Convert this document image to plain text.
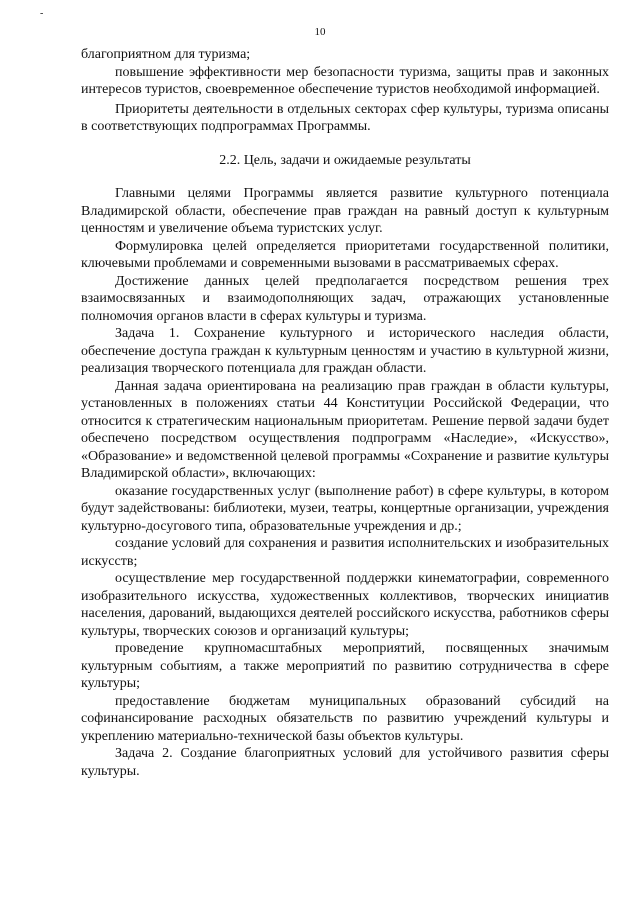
-
10

благоприятном для туризма;

повышение эффективности мер безопасности туризма, защиты прав и законных интересов туристов, своевременное обеспечение туристов необходимой информацией.

Приоритеты деятельности в отдельных секторах сфер культуры, туризма описаны в соответствующих подпрограммах Программы.

2.2. Цель, задачи и ожидаемые результаты

Главными целями Программы является развитие культурного потенциала Владимирской области, обеспечение прав граждан на равный доступ к культурным ценностям и увеличение объема туристских услуг.

Формулировка целей определяется приоритетами государственной политики, ключевыми проблемами и современными вызовами в рассматриваемых сферах.

Достижение данных целей предполагается посредством решения трех взаимосвязанных и взаимодополняющих задач, отражающих установленные полномочия органов власти в сферах культуры и туризма.

Задача 1. Сохранение культурного и исторического наследия области, обеспечение доступа граждан к культурным ценностям и участию в культурной жизни, реализация творческого потенциала для граждан области.

Данная задача ориентирована на реализацию прав граждан в области культуры, установленных в положениях статьи 44 Конституции Российской Федерации, что относится к стратегическим национальным приоритетам. Решение первой задачи будет обеспечено посредством осуществления подпрограмм «Наследие», «Искусство», «Образование» и ведомственной целевой программы «Сохранение и развитие культуры Владимирской области», включающих:

оказание государственных услуг (выполнение работ) в сфере культуры, в котором будут задействованы: библиотеки, музеи, театры, концертные организации, учреждения культурно-досугового типа, образовательные учреждения и др.;

создание условий для сохранения и развития исполнительских и изобразительных искусств;

осуществление мер государственной поддержки кинематографии, современного изобразительного искусства, художественных коллективов, творческих инициатив населения, дарований, выдающихся деятелей российского искусства, работников сферы культуры, творческих союзов и организаций культуры;

проведение крупномасштабных мероприятий, посвященных значимым культурным событиям, а также мероприятий по развитию сотрудничества в сфере культуры;

предоставление бюджетам муниципальных образований субсидий на софинансирование расходных обязательств по развитию учреждений культуры и укреплению материально-технической базы объектов культуры.

Задача 2. Создание благоприятных условий для устойчивого развития сферы культуры.
